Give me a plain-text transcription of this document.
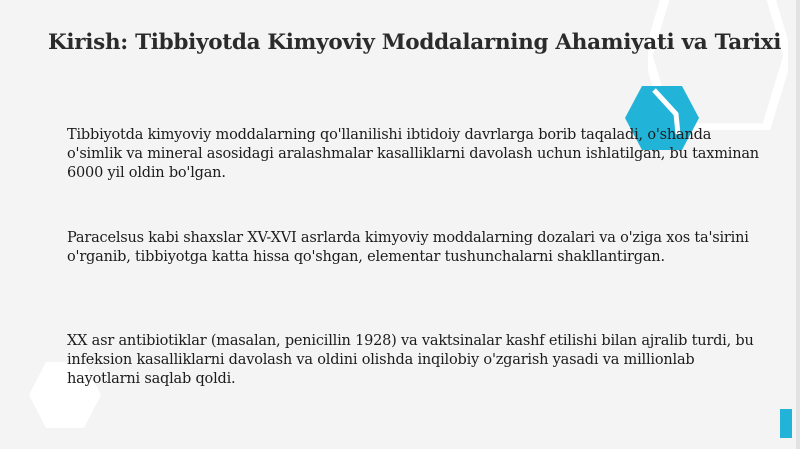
Kirish: Tibbiyotda Kimyoviy Moddalarning Ahamiyati va Tarixi
Tibbiyotda kimyoviy moddalarning qo'llanilishi ibtidoiy davrlarga borib taqaladi, o'shanda o'simlik va mineral asosidagi aralashmalar kasalliklarni davolash uchun ishlatilgan, bu taxminan 6000 yil oldin bo'lgan.
Paracelsus kabi shaxslar XV-XVI asrlarda kimyoviy moddalarning dozalari va o'ziga xos ta'sirini o'rganib, tibbiyotga katta hissa qo'shgan, elementar tushunchalarni shakllantirgan.
XX asr antibiotiklar (masalan, penicillin 1928) va vaktsinalar kashf etilishi bilan ajralib turdi, bu infeksion kasalliklarni davolash va oldini olishda inqilobiy o'zgarish yasadi va millionlab hayotlarni saqlab qoldi.
